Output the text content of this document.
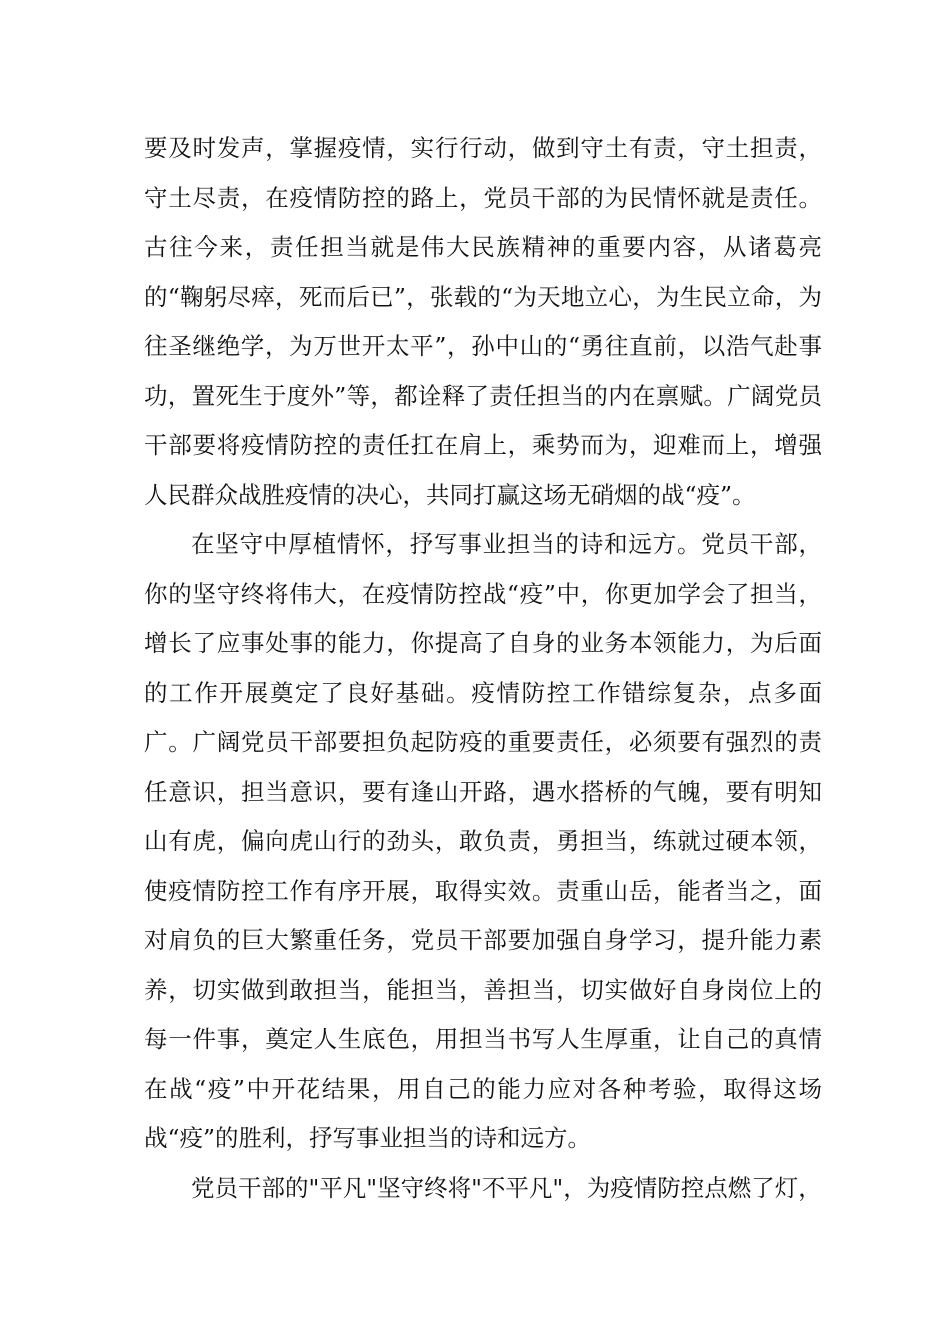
要及时发声，掌握疫情，实行行动，做到守土有责，守土担责，守土尽责，在疫情防控的路上，党员干部的为民情怀就是责任。古往今来，责任担当就是伟大民族精神的重要内容，从诸葛亮的“鞠躬尽瘁，死而后已”，张载的“为天地立心，为生民立命，为往圣继绝学，为万世开太平”，孙中山的“勇往直前，以浩气赴事功，置死生于度外”等，都诠释了责任担当的内在禀赋。广阔党员干部要将疫情防控的责任扛在肩上，乘势而为，迎难而上，增强人民群众战胜疫情的决心，共同打赢这场无硝烟的战“疫”。

在坚守中厚植情怀，抒写事业担当的诗和远方。党员干部，你的坚守终将伟大，在疫情防控战“疫”中，你更加学会了担当，增长了应事处事的能力，你提高了自身的业务本领能力，为后面的工作开展奠定了良好基础。疫情防控工作错综复杂，点多面广。广阔党员干部要担负起防疫的重要责任，必须要有强烈的责任意识，担当意识，要有逢山开路，遇水搭桥的气魄，要有明知山有虎，偏向虎山行的劲头，敢负责，勇担当，练就过硬本领，使疫情防控工作有序开展，取得实效。责重山岳，能者当之，面对肩负的巨大繁重任务，党员干部要加强自身学习，提升能力素养，切实做到敢担当，能担当，善担当，切实做好自身岗位上的每一件事，奠定人生底色，用担当书写人生厚重，让自己的真情在战“疫”中开花结果，用自己的能力应对各种考验，取得这场战“疫”的胜利，抒写事业担当的诗和远方。

党员干部的"平凡"坚守终将"不平凡"，为疫情防控点燃了灯，
